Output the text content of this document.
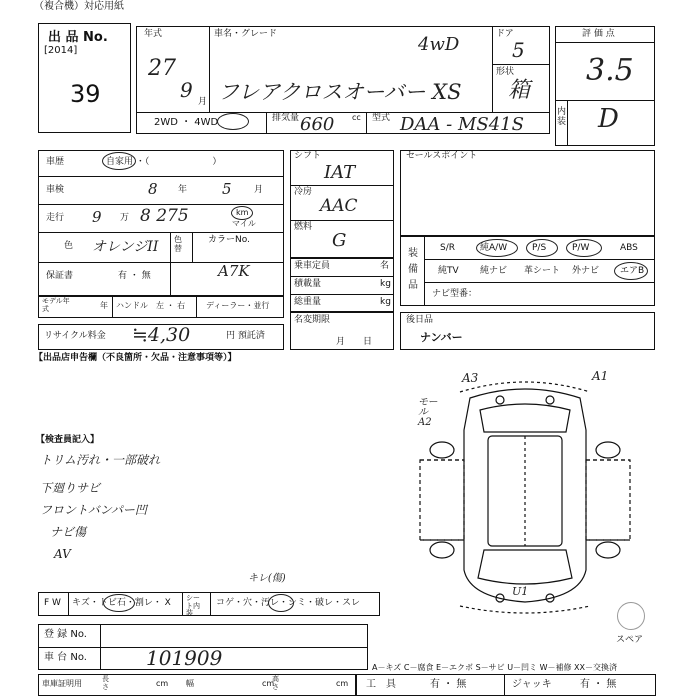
（複合機）対応用紙
出 品 No.
[2014]
39
年式
27
9 月
車名・グレード	4wD
フレアクロスオーバー XS
ドア
5
形状
箱
2WD ・ 4WD	排気量 660 cc 型式 DAA - MS41S
評 価 点
3.5
内装 D
車歴	自家用 ・（　　　　　　　）
車検	8 年 5 月
走行 9 万 8 275	km
マイル
色 オレンジII 色替
カラーNo.
A7K
保証書	有 ・ 無
モデル年式	年 ハンドル 左 ・ 右	ディーラー・並行
リサイクル料金 ≒4,30	円 預託済
シフト
IAT
冷房
AAC
燃料
G
乗車定員	名
積載量	kg
総重量	kg
名変期限
月　　日
セールスポイント
装備品
S/R	純A/W	P/S	P/W	ABS
純TV 純ナビ 革シート 外ナビ エアB
ナビ型番：
後日品
ナンバー
【出品店申告欄（不良箇所・欠品・注意事項等）】
【検査員記入】
トリム汚れ・一部破れ
下廻りサビ
フロントバンパー凹
ナビ傷
AV
A3	A1
モール A2
U1
F W キズ・トビ石・割レ・ X シート内装
コゲ・穴・汚レ・シミ・破レ・スレ
キレ(傷)
登 録 No.
車 台 No.	101909
車庫証明用	長さ	cm 幅	cm
高さ	cm
A－キズ C－腐食 E－エクボ S－サビ U－凹ミ W－補修 XX－交換済
スペア
工　具	有 ・ 無	ジャッキ	有 ・ 無
